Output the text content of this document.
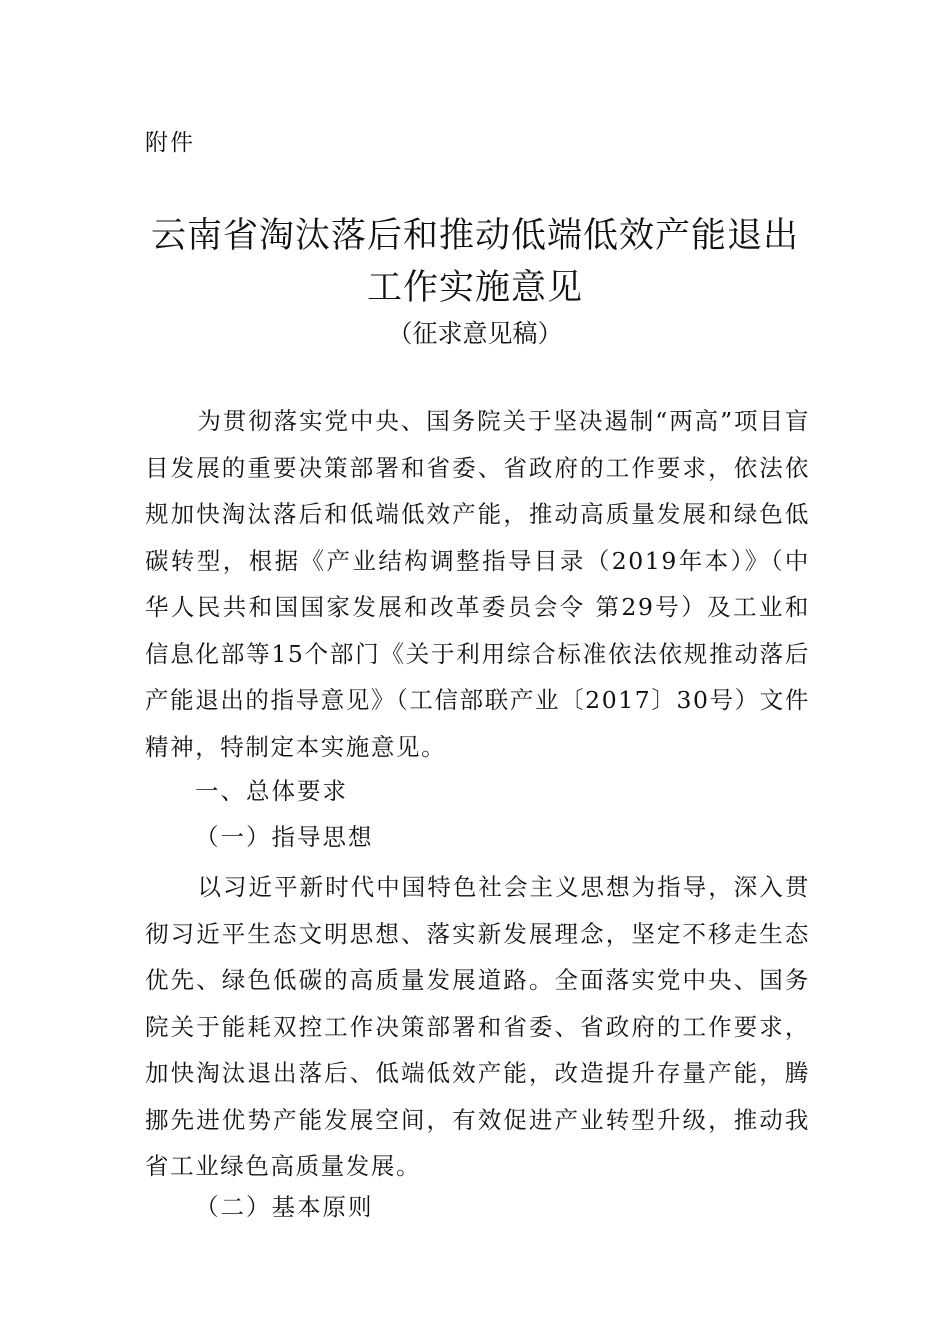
附件
云南省淘汰落后和推动低端低效产能退出
工作实施意见
（征求意见稿）
为贯彻落实党中央、国务院关于坚决遏制“两高”项目盲目发展的重要决策部署和省委、省政府的工作要求，依法依规加快淘汰落后和低端低效产能，推动高质量发展和绿色低碳转型，根据《产业结构调整指导目录（2019年本）》（中华人民共和国国家发展和改革委员会令 第29号）及工业和信息化部等15个部门《关于利用综合标准依法依规推动落后产能退出的指导意见》（工信部联产业〔2017〕30号）文件精神，特制定本实施意见。
一、总体要求
（一）指导思想
以习近平新时代中国特色社会主义思想为指导，深入贯彻习近平生态文明思想、落实新发展理念，坚定不移走生态优先、绿色低碳的高质量发展道路。全面落实党中央、国务院关于能耗双控工作决策部署和省委、省政府的工作要求，加快淘汰退出落后、低端低效产能，改造提升存量产能，腾挪先进优势产能发展空间，有效促进产业转型升级，推动我省工业绿色高质量发展。
（二）基本原则
